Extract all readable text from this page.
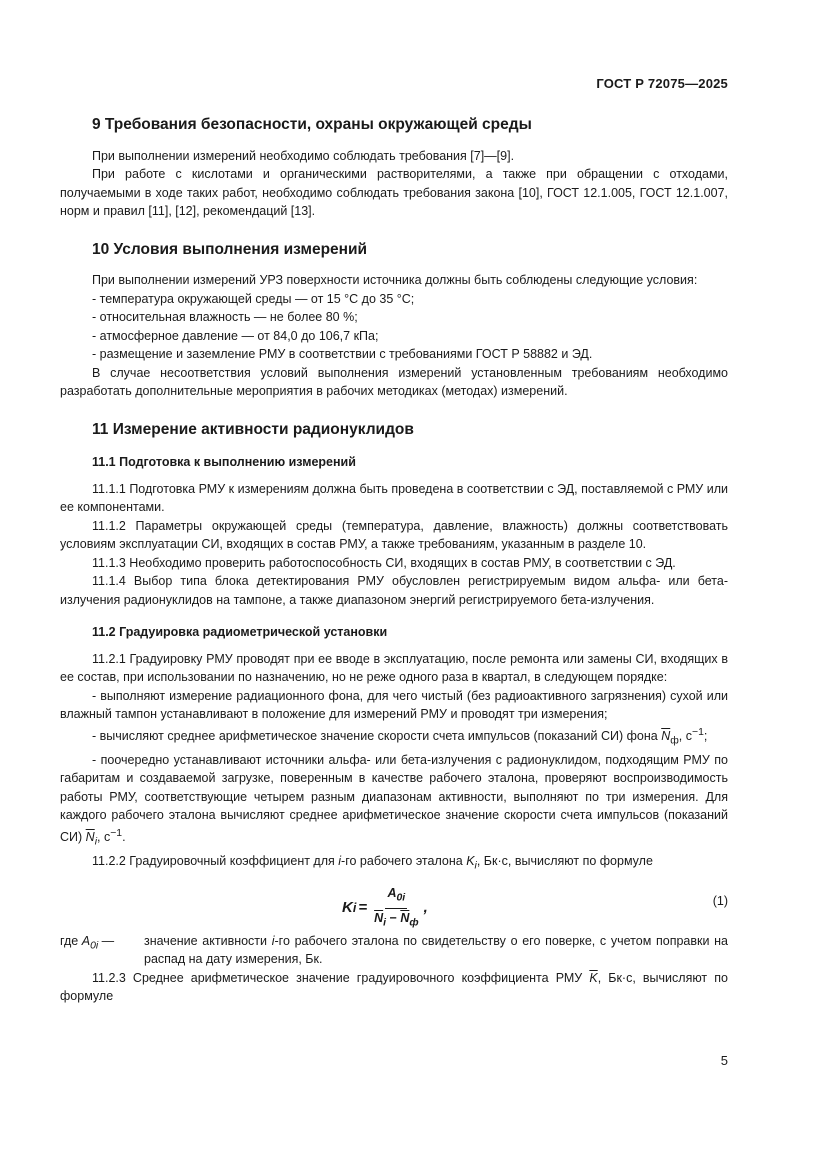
ГОСТ Р 72075—2025
9 Требования безопасности, охраны окружающей среды

При выполнении измерений необходимо соблюдать требования [7]—[9].

При работе с кислотами и органическими растворителями, а также при обращении с отходами, получаемыми в ходе таких работ, необходимо соблюдать требования закона [10], ГОСТ 12.1.005, ГОСТ 12.1.007, норм и правил [11], [12], рекомендаций [13].

10 Условия выполнения измерений

При выполнении измерений УРЗ поверхности источника должны быть соблюдены следующие условия:

- температура окружающей среды — от 15 °С до 35 °С;

- относительная влажность — не более 80 %;

- атмосферное давление — от 84,0 до 106,7 кПа;

- размещение и заземление РМУ в соответствии с требованиями ГОСТ Р 58882 и ЭД.

В случае несоответствия условий выполнения измерений установленным требованиям необходимо разработать дополнительные мероприятия в рабочих методиках (методах) измерений.

11 Измерение активности радионуклидов
11.1 Подготовка к выполнению измерений

11.1.1 Подготовка РМУ к измерениям должна быть проведена в соответствии с ЭД, поставляемой с РМУ или ее компонентами.

11.1.2 Параметры окружающей среды (температура, давление, влажность) должны соответствовать условиям эксплуатации СИ, входящих в состав РМУ, а также требованиям, указанным в разделе 10.

11.1.3 Необходимо проверить работоспособность СИ, входящих в состав РМУ, в соответствии с ЭД.

11.1.4 Выбор типа блока детектирования РМУ обусловлен регистрируемым видом альфа- или бета-излучения радионуклидов на тампоне, а также диапазоном энергий регистрируемого бета-излучения.

11.2 Градуировка радиометрической установки

11.2.1 Градуировку РМУ проводят при ее вводе в эксплуатацию, после ремонта или замены СИ, входящих в ее состав, при использовании по назначению, но не реже одного раза в квартал, в следующем порядке:

- выполняют измерение радиационного фона, для чего чистый (без радиоактивного загрязнения) сухой или влажный тампон устанавливают в положение для измерений РМУ и проводят три измерения;

- вычисляют среднее арифметическое значение скорости счета импульсов (показаний СИ) фона $\overline{N}_ф$, $с^{-1}$;

- поочередно устанавливают источники альфа- или бета-излучения с радионуклидом, подходящим РМУ по габаритам и создаваемой загрузке, поверенным в качестве рабочего эталона, проверяют воспроизводимость работы РМУ, соответствующие четырем разным диапазонам активности, выполняют по три измерения. Для каждого рабочего эталона вычисляют среднее арифметическое значение скорости счета импульсов (показаний СИ) $\overline{N}_i$, $с^{-1}$.

11.2.2 Градуировочный коэффициент для i-го рабочего эталона $K_i$, Бк·с, вычисляют по формуле

K $i = \frac{A_{0i}}{\overline{N}_i - \overline{N}_ф}$ ,	(1)
где $A_{0i}$ —	значение активности i-го рабочего эталона по свидетельству о его поверке, с учетом поправки на распад на дату измерения, Бк.

11.2.3 Среднее арифметическое значение градуировочного коэффициента РМУ $\overline{K}$, Бк·с, вычисляют по формуле

5
